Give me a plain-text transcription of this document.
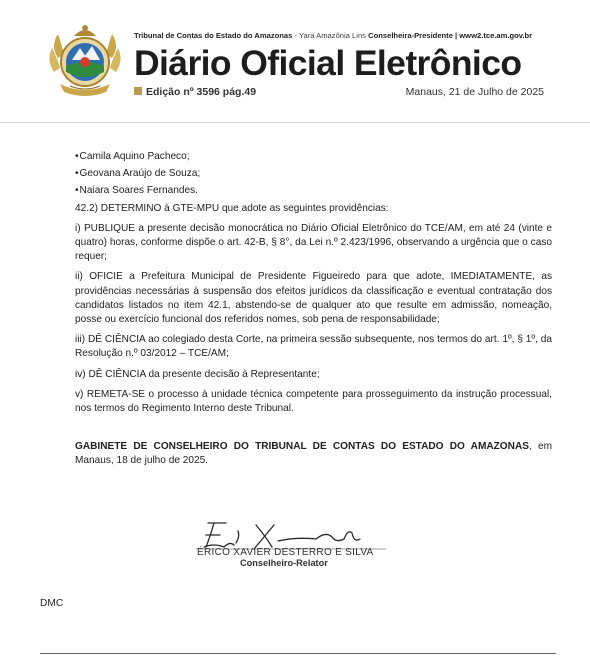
Tribunal de Contas do Estado do Amazonas - Yara Amazônia Lins Conselheira-Presidente | www2.tce.am.gov.br
Diário Oficial Eletrônico
Edição nº 3596 pág.49	Manaus, 21 de Julho de 2025
•Camila Aquino Pacheco;
•Geovana Araújo de Souza;
•Naiara Soares Fernandes.

42.2) DETERMINO à GTE-MPU que adote as seguintes providências:

i) PUBLIQUE a presente decisão monocrática no Diário Oficial Eletrônico do TCE/AM, em até 24 (vinte e quatro) horas, conforme dispõe o art. 42-B, § 8°, da Lei n.º 2.423/1996, observando a urgência que o caso requer;

ii) OFICIE a Prefeitura Municipal de Presidente Figueiredo para que adote, IMEDIATAMENTE, as providências necessárias à suspensão dos efeitos jurídicos da classificação e eventual contratação dos candidatos listados no item 42.1, abstendo-se de qualquer ato que resulte em admissão, nomeação, posse ou exercício funcional dos referidos nomes, sob pena de responsabilidade;

iii) DÊ CIÊNCIA ao colegiado desta Corte, na primeira sessão subsequente, nos termos do art. 1º, § 1º, da Resolução n.º 03/2012 – TCE/AM;

iv) DÊ CIÊNCIA da presente decisão à Representante;

v) REMETA-SE o processo à unidade técnica competente para prosseguimento da instrução processual, nos termos do Regimento Interno deste Tribunal.

GABINETE DE CONSELHEIRO DO TRIBUNAL DE CONTAS DO ESTADO DO AMAZONAS, em Manaus, 18 de julho de 2025.

ÉRICO XAVIER DESTERRO E SILVA
Conselheiro-Relator
DMC
